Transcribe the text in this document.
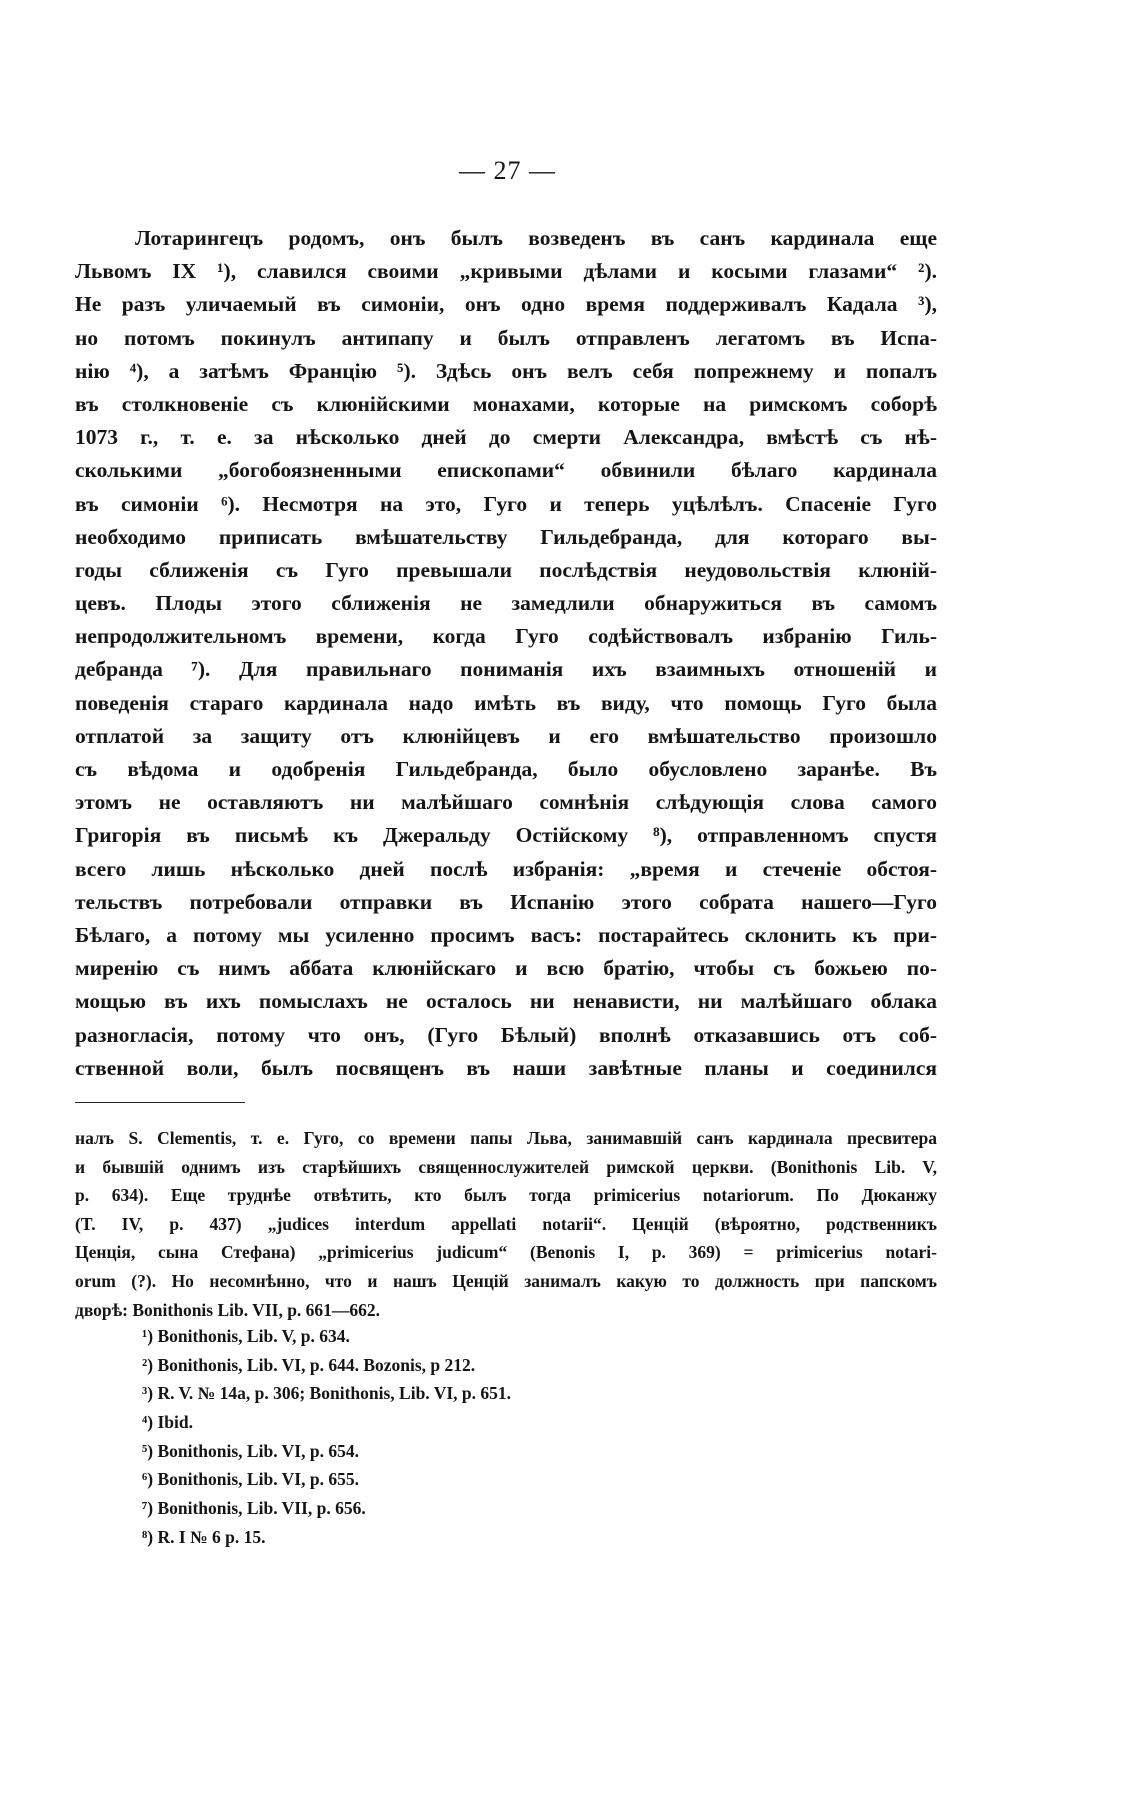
— 27 —
Лотарингецъ родомъ, онъ былъ возведенъ въ санъ кардинала еще
Львомъ IX ¹), славился своими „кривыми дѣлами и косыми глазами“ ²).
Не разъ уличаемый въ симоніи, онъ одно время поддерживалъ Кадала ³),
но потомъ покинулъ антипапу и былъ отправленъ легатомъ въ Испа-
нію ⁴), а затѣмъ Францію ⁵). Здѣсь онъ велъ себя попрежнему и попалъ
въ столкновеніе съ клюнійскими монахами, которые на римскомъ соборѣ
1073 г., т. е. за нѣсколько дней до смерти Александра, вмѣстѣ съ нѣ-
сколькими „богобоязненными епископами“ обвинили бѣлаго кардинала
въ симоніи ⁶). Несмотря на это, Гуго и теперь уцѣлѣлъ. Спасеніе Гуго
необходимо приписать вмѣшательству Гильдебранда, для котораго вы-
годы сближенія съ Гуго превышали послѣдствія неудовольствія клюній-
цевъ. Плоды этого сближенія не замедлили обнаружиться въ самомъ
непродолжительномъ времени, когда Гуго содѣйствовалъ избранію Гиль-
дебранда ⁷). Для правильнаго пониманія ихъ взаимныхъ отношеній и
поведенія стараго кардинала надо имѣть въ виду, что помощь Гуго была
отплатой за защиту отъ клюнійцевъ и его вмѣшательство произошло
съ вѣдома и одобренія Гильдебранда, было обусловлено заранѣе. Въ
этомъ не оставляютъ ни малѣйшаго сомнѣнія слѣдующія слова самого
Григорія въ письмѣ къ Джеральду Остійскому ⁸), отправленномъ спустя
всего лишь нѣсколько дней послѣ избранія: „время и стеченіе обстоя-
тельствъ потребовали отправки въ Испанію этого собрата нашего—Гуго
Бѣлаго, а потому мы усиленно просимъ васъ: постарайтесь склонить къ при-
миренію съ нимъ аббата клюнійскаго и всю братію, чтобы съ божьею по-
мощью въ ихъ помыслахъ не осталось ни ненависти, ни малѣйшаго облака
разногласія, потому что онъ, (Гуго Бѣлый) вполнѣ отказавшись отъ соб-
ственной воли, былъ посвященъ въ наши завѣтные планы и соединился
налъ S. Clementis, т. е. Гуго, со времени папы Льва, занимавшій санъ кардинала пресвитера
и бывшій однимъ изъ старѣйшихъ священнослужителей римской церкви. (Bonithonis Lib. V,
p. 634). Еще труднѣе отвѣтить, кто былъ тогда primicerius notariorum. По Дюканжу
(T. IV, p. 437) „judices interdum appellati notarii“. Ценцій (вѣроятно, родственникъ
Ценція, сына Стефана) „primicerius judicum“ (Benonis I, p. 369) = primicerius notari-
orum (?). Но несомнѣнно, что и нашъ Ценцій занималъ какую то должность при папскомъ
дворѣ: Bonithonis Lib. VII, p. 661—662.
¹) Bonithonis, Lib. V, p. 634.
²) Bonithonis, Lib. VI, p. 644. Bozonis, p 212.
³) R. V. № 14a, p. 306; Bonithonis, Lib. VI, p. 651.
⁴) Ibid.
⁵) Bonithonis, Lib. VI, p. 654.
⁶) Bonithonis, Lib. VI, p. 655.
⁷) Bonithonis, Lib. VII, p. 656.
⁸) R. I № 6 p. 15.
